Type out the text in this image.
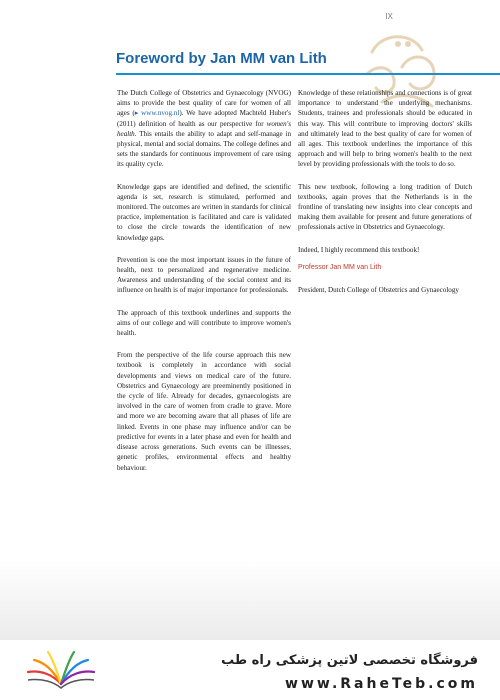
IX
Foreword by Jan MM van Lith

The Dutch College of Obstetrics and Gynaecology (NVOG) aims to provide the best quality of care for women of all ages (▸ www.nvog.nl). We have adopted Machteld Huber's (2011) definition of health as our perspective for women's health. This entails the ability to adapt and self-manage in physical, mental and social domains. The college defines and sets the standards for continuous improvement of care using its quality cycle.

Knowledge gaps are identified and defined, the scientific agenda is set, research is stimulated, performed and monitored. The outcomes are written in standards for clinical practice, implementation is facilitated and care is validated to close the circle towards the identification of new knowledge gaps.

Prevention is one the most important issues in the future of health, next to personalized and regenerative medicine. Awareness and understanding of the social context and its influence on health is of major importance for professionals.

The approach of this textbook underlines and supports the aims of our college and will contribute to improve women's health.

From the perspective of the life course approach this new textbook is completely in accordance with social developments and views on medical care of the future. Obstetrics and Gynaecology are preeminently positioned in the cycle of life. Already for decades, gynaecologists are involved in the care of women from cradle to grave. More and more we are becoming aware that all phases of life are linked. Events in one phase may influence and/or can be predictive for events in a later phase and even for health and disease across generations. Such events can be illnesses, genetic profiles, environmental effects and healthy behaviour.

Knowledge of these relationships and connections is of great importance to understand the underlying mechanisms. Students, trainees and professionals should be educated in this way. This will contribute to improving doctors' skills and ultimately lead to the best quality of care for women of all ages. This textbook underlines the importance of this approach and will help to bring women's health to the next level by providing professionals with the tools to do so.

This new textbook, following a long tradition of Dutch textbooks, again proves that the Netherlands is in the frontline of translating new insights into clear concepts and making them available for present and future generations of professionals active in Obstetrics and Gynaecology.

Indeed, I highly recommend this textbook!

Professor Jan MM van Lith

President, Dutch College of Obstetrics and Gynaecology

فروشگاه تخصصی لاتین پزشکی راه طب
www.RaheTeb.com
